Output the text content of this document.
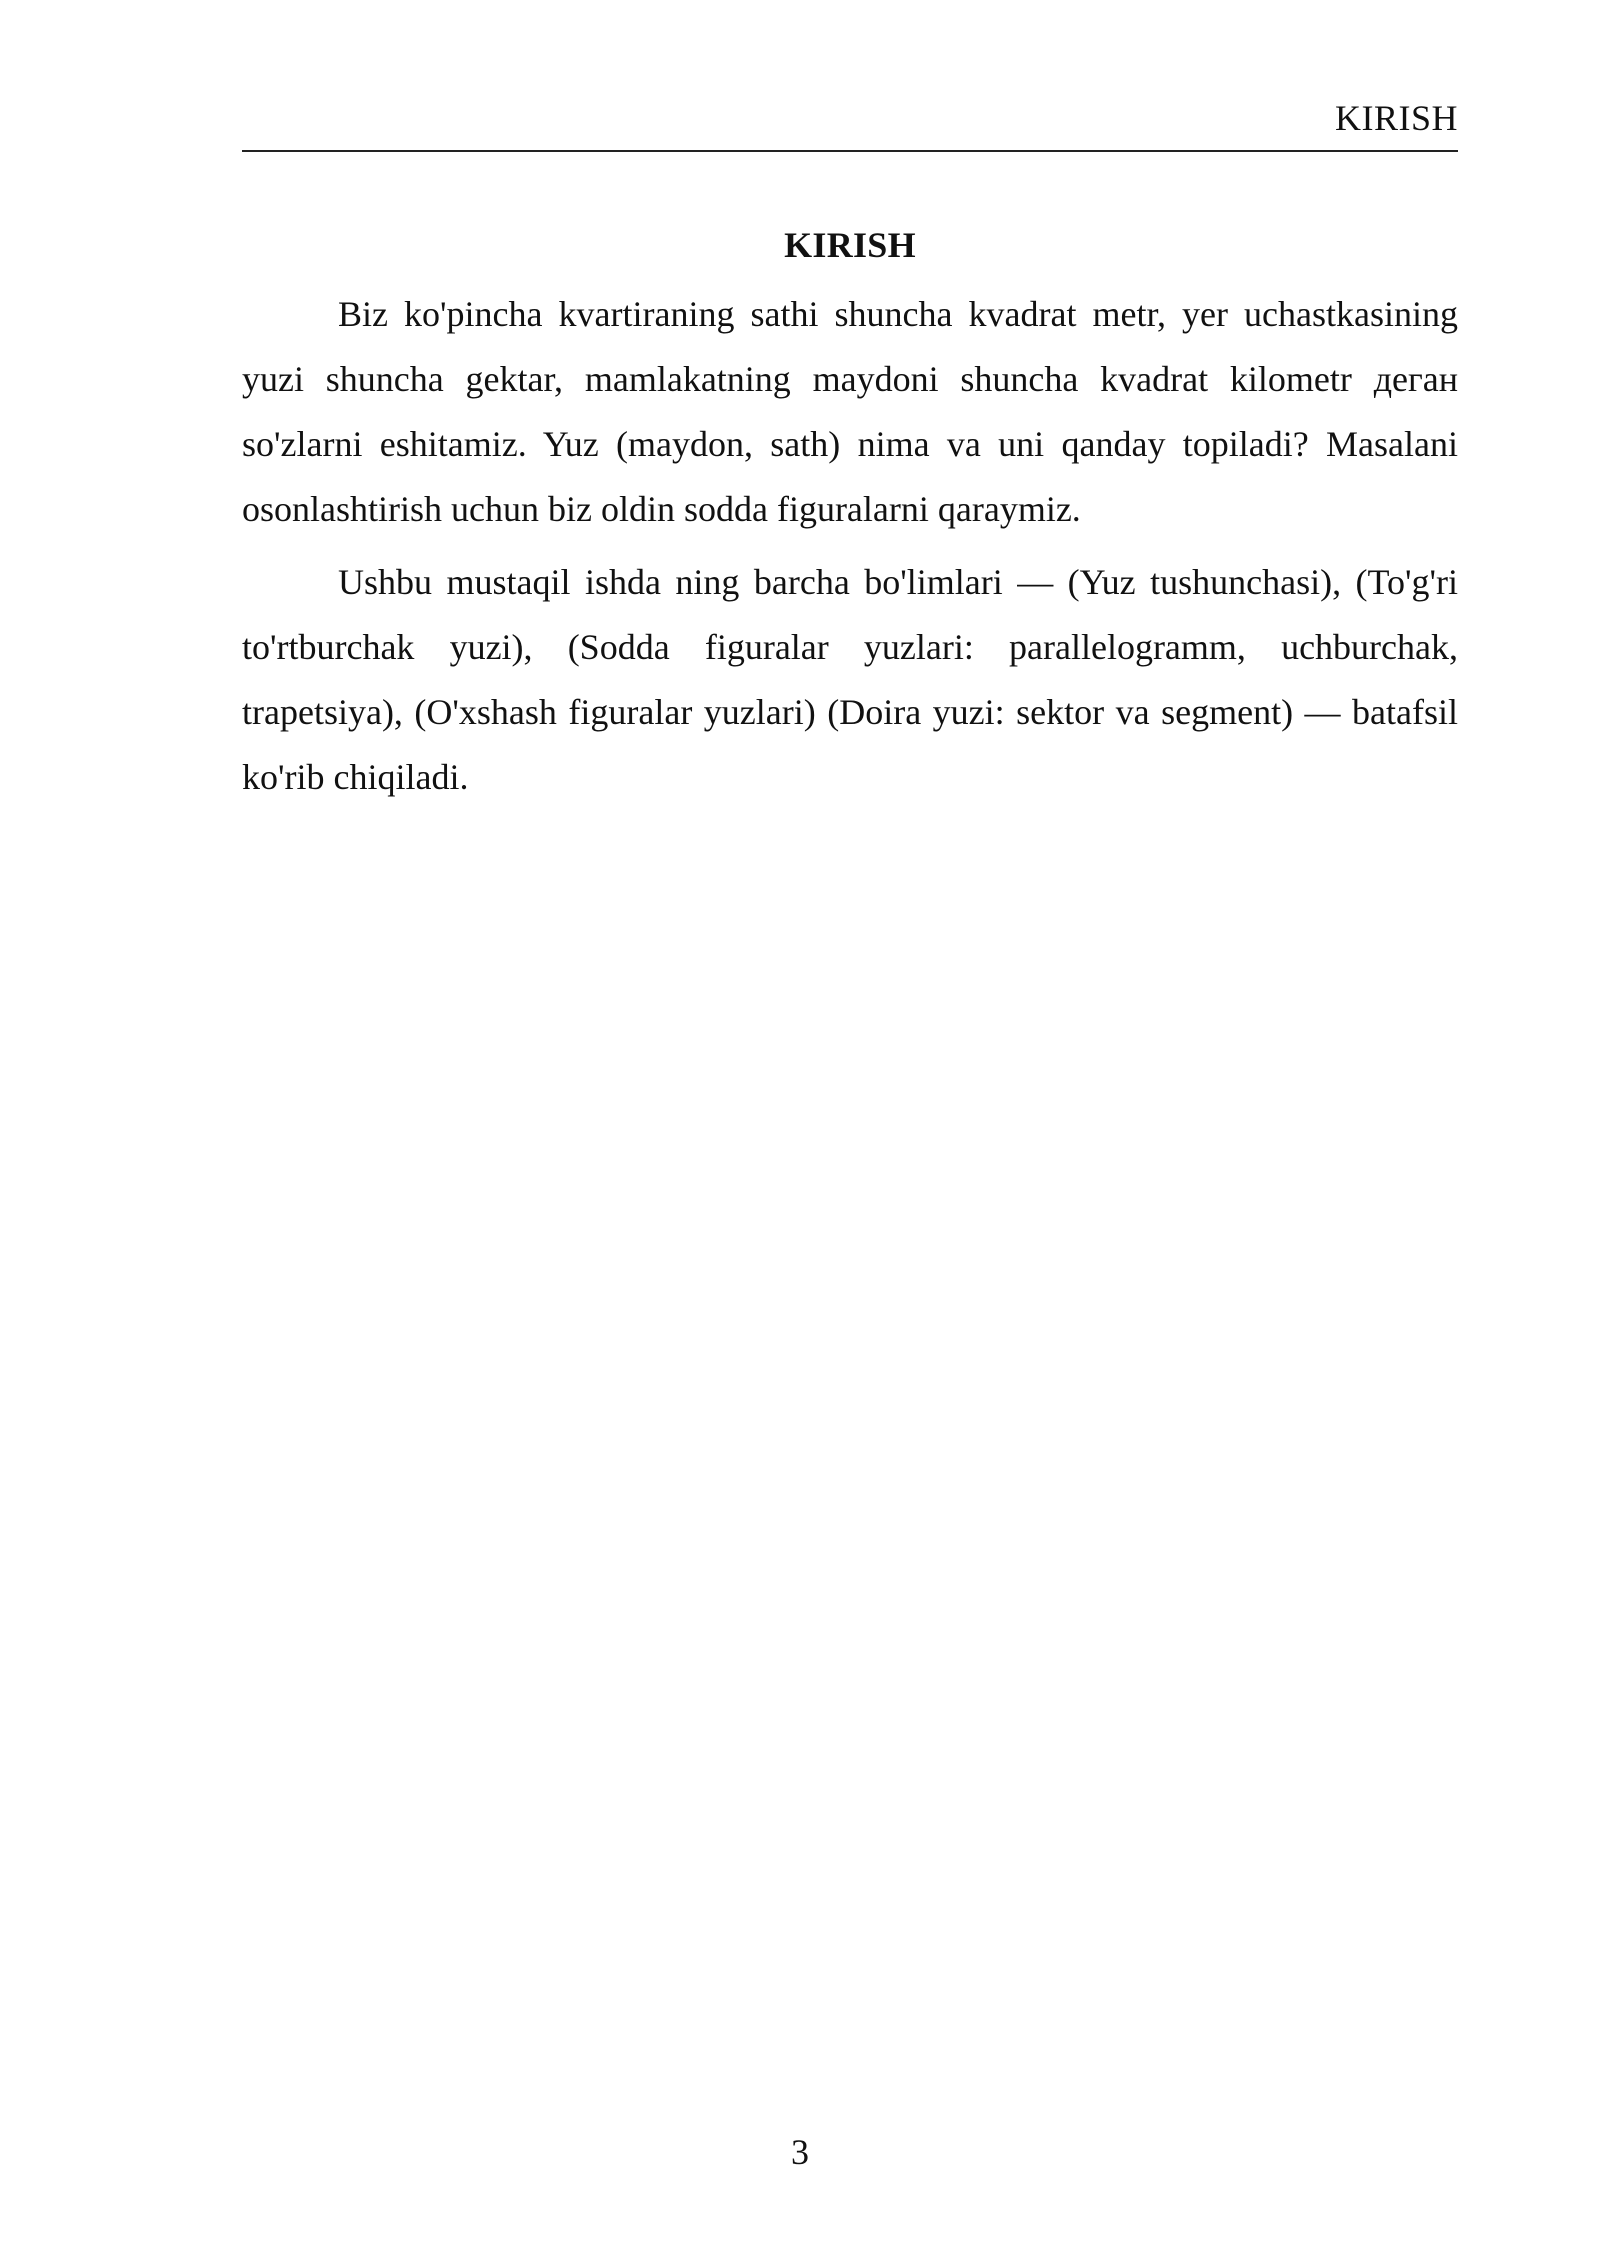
KIRISH
KIRISH

Biz ko'pincha kvartiraning sathi shuncha kvadrat metr, yer uchastkasining yuzi shuncha gektar, mamlakatning maydoni shuncha kvadrat kilometr деган so'zlarni eshitamiz. Yuz (maydon, sath) nima va uni qanday topiladi? Masalani osonlashtirish uchun biz oldin sodda figuralarni qaraymiz.

Ushbu mustaqil ishda ning barcha bo'limlari — (Yuz tushunchasi), (To'g'ri to'rtburchak yuzi), (Sodda figuralar yuzlari: parallelogramm, uchburchak, trapetsiya), (O'xshash figuralar yuzlari) (Doira yuzi: sektor va segment) — batafsil ko'rib chiqiladi.

3
